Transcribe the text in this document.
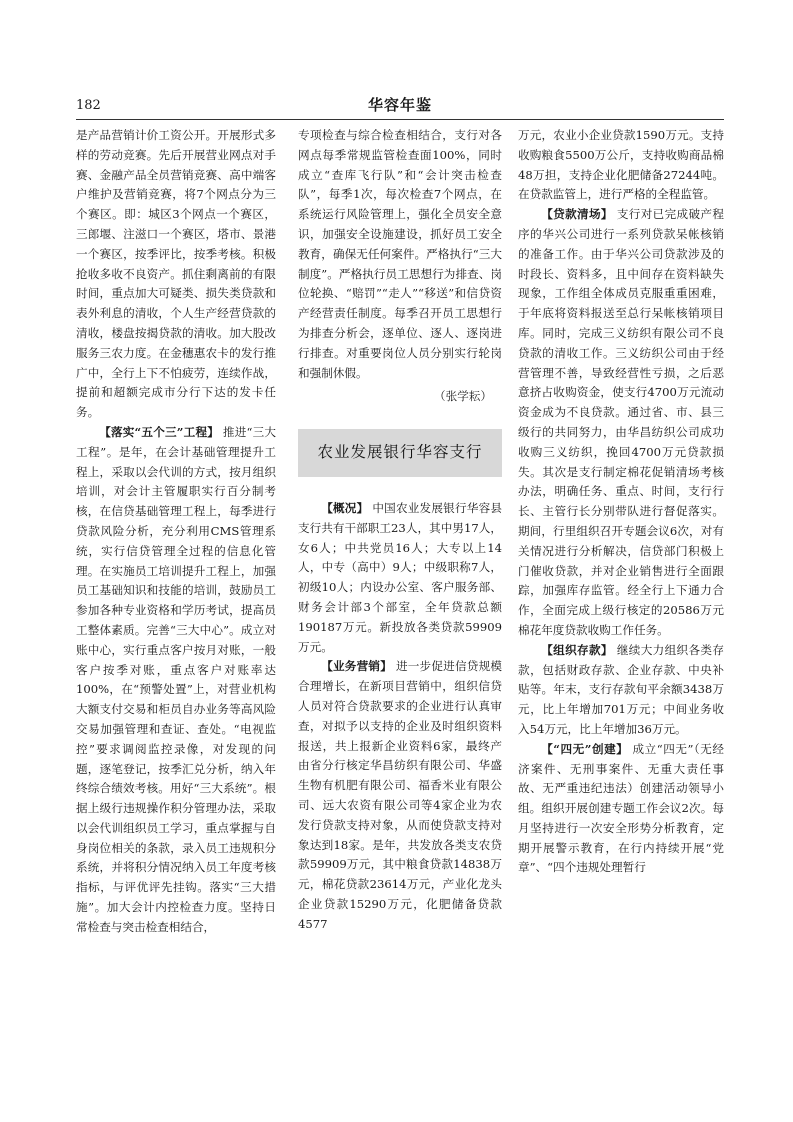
182	华容年鉴

是产品营销计价工资公开。开展形式多样的劳动竞赛。先后开展营业网点对手赛、金融产品全员营销竞赛、高中端客户维护及营销竞赛，将7个网点分为三个赛区。即：城区3个网点一个赛区，三郎堰、注滋口一个赛区，塔市、景港一个赛区，按季评比，按季考核。积极抢收多收不良资产。抓住剩离前的有限时间，重点加大可疑类、损失类贷款和表外利息的清收，个人生产经营贷款的清收，楼盘按揭贷款的清收。加大股改服务三农力度。在金穗惠农卡的发行推广中，全行上下不怕疲劳，连续作战，提前和超额完成市分行下达的发卡任务。

【落实“五个三”工程】 推进“三大工程”。是年，在会计基础管理提升工程上，采取以会代训的方式，按月组织培训，对会计主管履职实行百分制考核，在信贷基础管理工程上，每季进行贷款风险分析，充分利用CMS管理系统，实行信贷管理全过程的信息化管理。在实施员工培训提升工程上，加强员工基础知识和技能的培训，鼓励员工参加各种专业资格和学历考试，提高员工整体素质。完善“三大中心”。成立对账中心，实行重点客户按月对账，一般客户按季对账，重点客户对账率达100%，在“预警处置”上，对营业机构大额支付交易和柜员自办业务等高风险交易加强管理和查证、查处。“电视监控”要求调阅监控录像，对发现的问题，逐笔登记，按季汇兑分析，纳入年终综合绩效考核。用好“三大系统”。根据上级行违规操作积分管理办法，采取以会代训组织员工学习，重点掌握与自身岗位相关的条款，录入员工违规积分系统，并将积分情况纳入员工年度考核指标，与评优评先挂钩。落实“三大措施”。加大会计内控检查力度。坚持日常检查与突击检查相结合，

专项检查与综合检查相结合，支行对各网点每季常规监管检查面100%，同时成立“查库飞行队”和“会计突击检查队”，每季1次，每次检查7个网点，在系统运行风险管理上，强化全员安全意识，加强安全设施建设，抓好员工安全教育，确保无任何案件。严格执行“三大制度”。严格执行员工思想行为排查、岗位轮换、“赔罚”“走人”“移送”和信贷资产经营责任制度。每季召开员工思想行为排查分析会，逐单位、逐人、逐岗进行排查。对重要岗位人员分别实行轮岗和强制休假。

（张学耘）

农业发展银行华容支行

【概况】 中国农业发展银行华容县支行共有干部职工23人，其中男17人，女6人；中共党员16人；大专以上14人，中专（高中）9人；中级职称7人，初级10人；内设办公室、客户服务部、财务会计部3个部室，全年贷款总额190187万元。新投放各类贷款59909万元。

【业务营销】 进一步促进信贷规模合理增长，在新项目营销中，组织信贷人员对符合贷款要求的企业进行认真审查，对拟予以支持的企业及时组织资料报送，共上报新企业资料6家，最终产由省分行核定华昌纺织有限公司、华盛生物有机肥有限公司、福香米业有限公司、远大农资有限公司等4家企业为农发行贷款支持对象，从而使贷款支持对象达到18家。是年，共发放各类支农贷款59909万元，其中粮食贷款14838万元，棉花贷款23614万元，产业化龙头企业贷款15290万元，化肥储备贷款4577

万元，农业小企业贷款1590万元。支持收购粮食5500万公斤，支持收购商品棉48万担，支持企业化肥储备27244吨。在贷款监管上，进行严格的全程监管。

【贷款清场】 支行对已完成破产程序的华兴公司进行一系列贷款呆帐核销的准备工作。由于华兴公司贷款涉及的时段长、资料多，且中间存在资料缺失现象，工作组全体成员克服重重困难，于年底将资料报送至总行呆帐核销项目库。同时，完成三义纺织有限公司不良贷款的清收工作。三义纺织公司由于经营管理不善，导致经营性亏损，之后恶意挤占收购资金，使支行4700万元流动资金成为不良贷款。通过省、市、县三级行的共同努力，由华昌纺织公司成功收购三义纺织，挽回4700万元贷款损失。其次是支行制定棉花促销清场考核办法，明确任务、重点、时间，支行行长、主管行长分别带队进行督促落实。期间，行里组织召开专题会议6次，对有关情况进行分析解决，信贷部门积极上门催收贷款，并对企业销售进行全面跟踪，加强库存监管。经全行上下通力合作，全面完成上级行核定的20586万元棉花年度贷款收购工作任务。

【组织存款】 继续大力组织各类存款，包括财政存款、企业存款、中央补贴等。年末，支行存款旬平余额3438万元，比上年增加701万元；中间业务收入54万元，比上年增加36万元。

【“四无”创建】 成立“四无”（无经济案件、无刑事案件、无重大责任事故、无严重违纪违法）创建活动领导小组。组织开展创建专题工作会议2次。每月坚持进行一次安全形势分析教育，定期开展警示教育，在行内持续开展“党章”、“四个违规处理暂行
